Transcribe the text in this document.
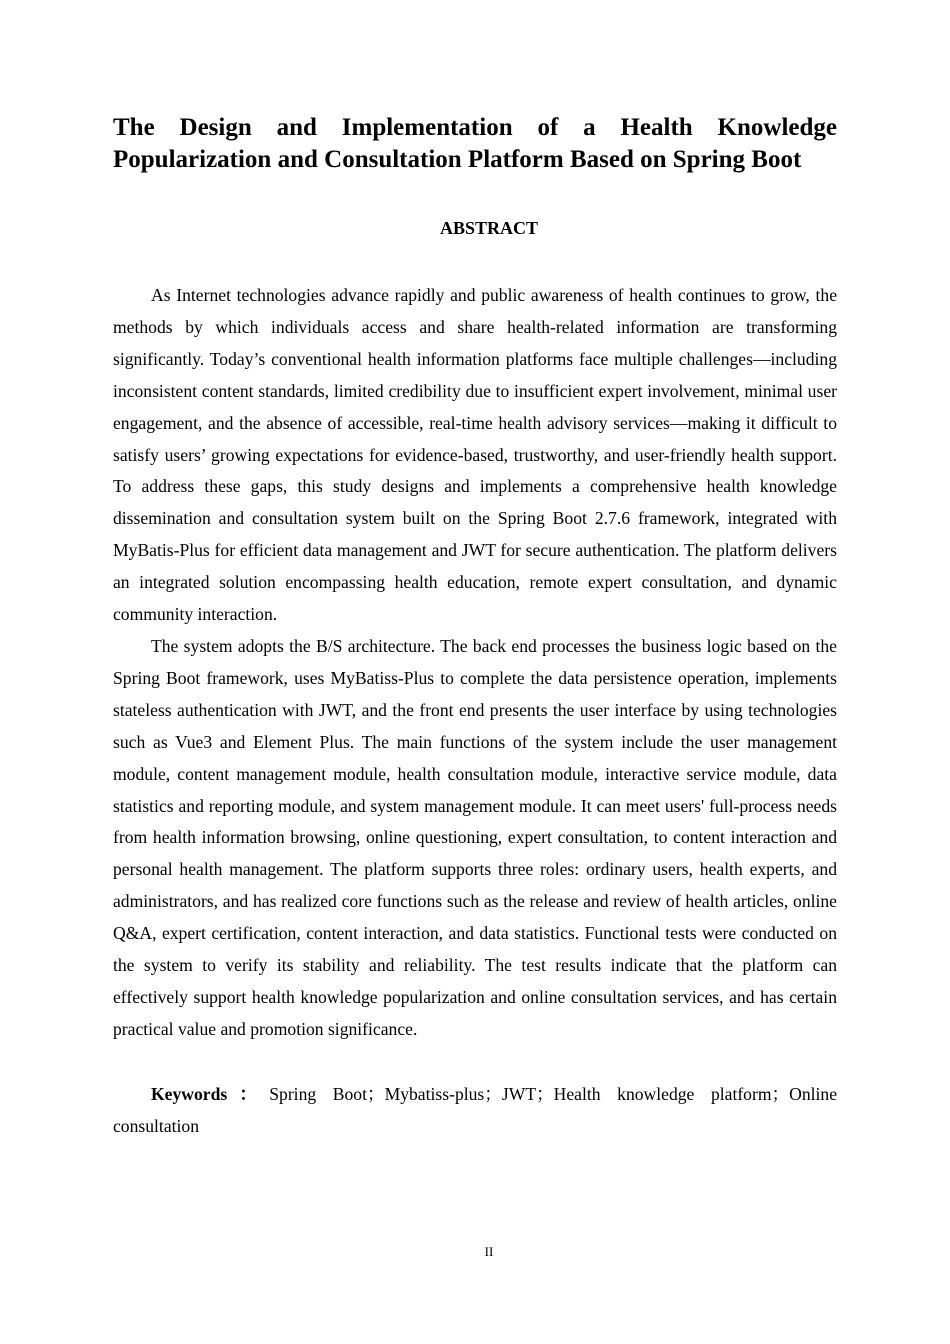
The Design and Implementation of a Health Knowledge Popularization and Consultation Platform Based on Spring Boot
ABSTRACT

As Internet technologies advance rapidly and public awareness of health continues to grow, the methods by which individuals access and share health-related information are transforming significantly. Today’s conventional health information platforms face multiple challenges—including inconsistent content standards, limited credibility due to insufficient expert involvement, minimal user engagement, and the absence of accessible, real-time health advisory services—making it difficult to satisfy users’ growing expectations for evidence-based, trustworthy, and user-friendly health support. To address these gaps, this study designs and implements a comprehensive health knowledge dissemination and consultation system built on the Spring Boot 2.7.6 framework, integrated with MyBatis-Plus for efficient data management and JWT for secure authentication. The platform delivers an integrated solution encompassing health education, remote expert consultation, and dynamic community interaction.

The system adopts the B/S architecture. The back end processes the business logic based on the Spring Boot framework, uses MyBatiss-Plus to complete the data persistence operation, implements stateless authentication with JWT, and the front end presents the user interface by using technologies such as Vue3 and Element Plus. The main functions of the system include the user management module, content management module, health consultation module, interactive service module, data statistics and reporting module, and system management module. It can meet users' full-process needs from health information browsing, online questioning, expert consultation, to content interaction and personal health management. The platform supports three roles: ordinary users, health experts, and administrators, and has realized core functions such as the release and review of health articles, online Q&A, expert certification, content interaction, and data statistics. Functional tests were conducted on the system to verify its stability and reliability. The test results indicate that the platform can effectively support health knowledge popularization and online consultation services, and has certain practical value and promotion significance.

Keywords：Spring Boot；Mybatiss-plus；JWT；Health knowledge platform；Online consultation

II
